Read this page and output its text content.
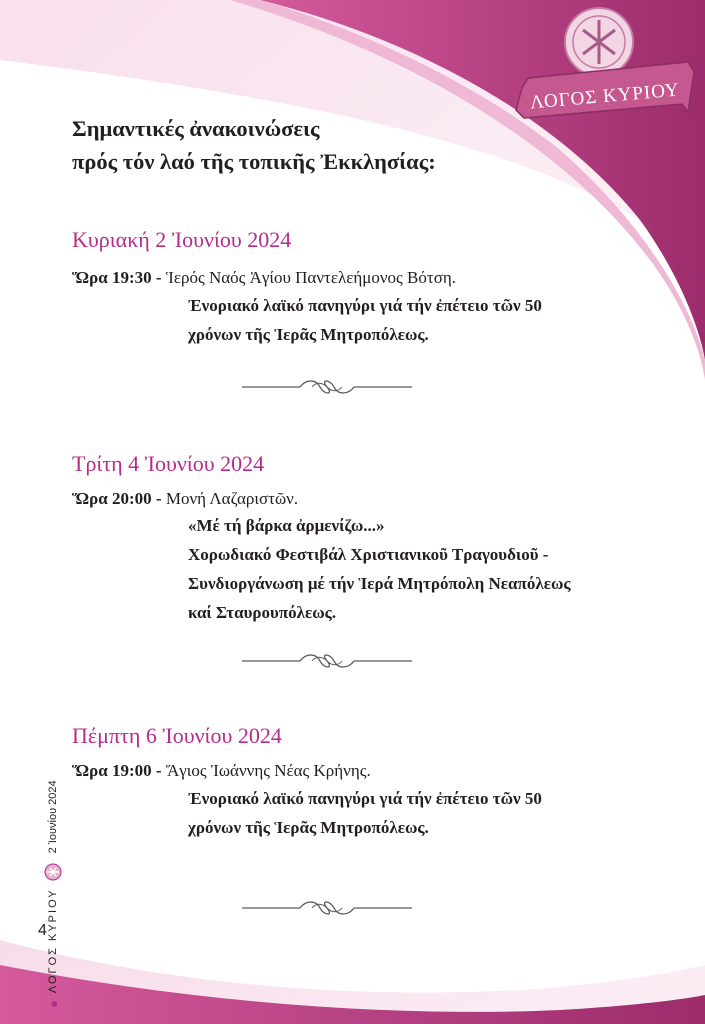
ΛΟΓΟΣ ΚΥΡΙΟΥ
Σημαντικές ἀνακοινώσεις
πρός τόν λαό τῆς τοπικῆς Ἐκκλησίας:
Κυριακή 2 Ἰουνίου 2024
Ὥρα 19:30 - Ἱερός Ναός Ἁγίου Παντελεήμονος Βότση.
Ἐνοριακό λαϊκό πανηγύρι γιά τήν ἐπέτειο τῶν 50
χρόνων τῆς Ἱερᾶς Μητροπόλεως.
Τρίτη 4 Ἰουνίου 2024
Ὥρα 20:00 - Μονή Λαζαριστῶν.
«Μέ τή βάρκα ἀρμενίζω...»
Χορωδιακό Φεστιβάλ Χριστιανικοῦ Τραγουδιοῦ -
Συνδιοργάνωση μέ τήν Ἱερά Μητρόπολη Νεαπόλεως
καί Σταυρουπόλεως.
Πέμπτη 6 Ἰουνίου 2024
Ὥρα 19:00 - Ἅγιος Ἰωάννης Νέας Κρήνης.
Ἐνοριακό λαϊκό πανηγύρι γιά τήν ἐπέτειο τῶν 50
χρόνων τῆς Ἱερᾶς Μητροπόλεως.
●
ΛΟΓΟΣ ΚΥΡΙΟΥ
2 Ἰουνίου 2024
4
